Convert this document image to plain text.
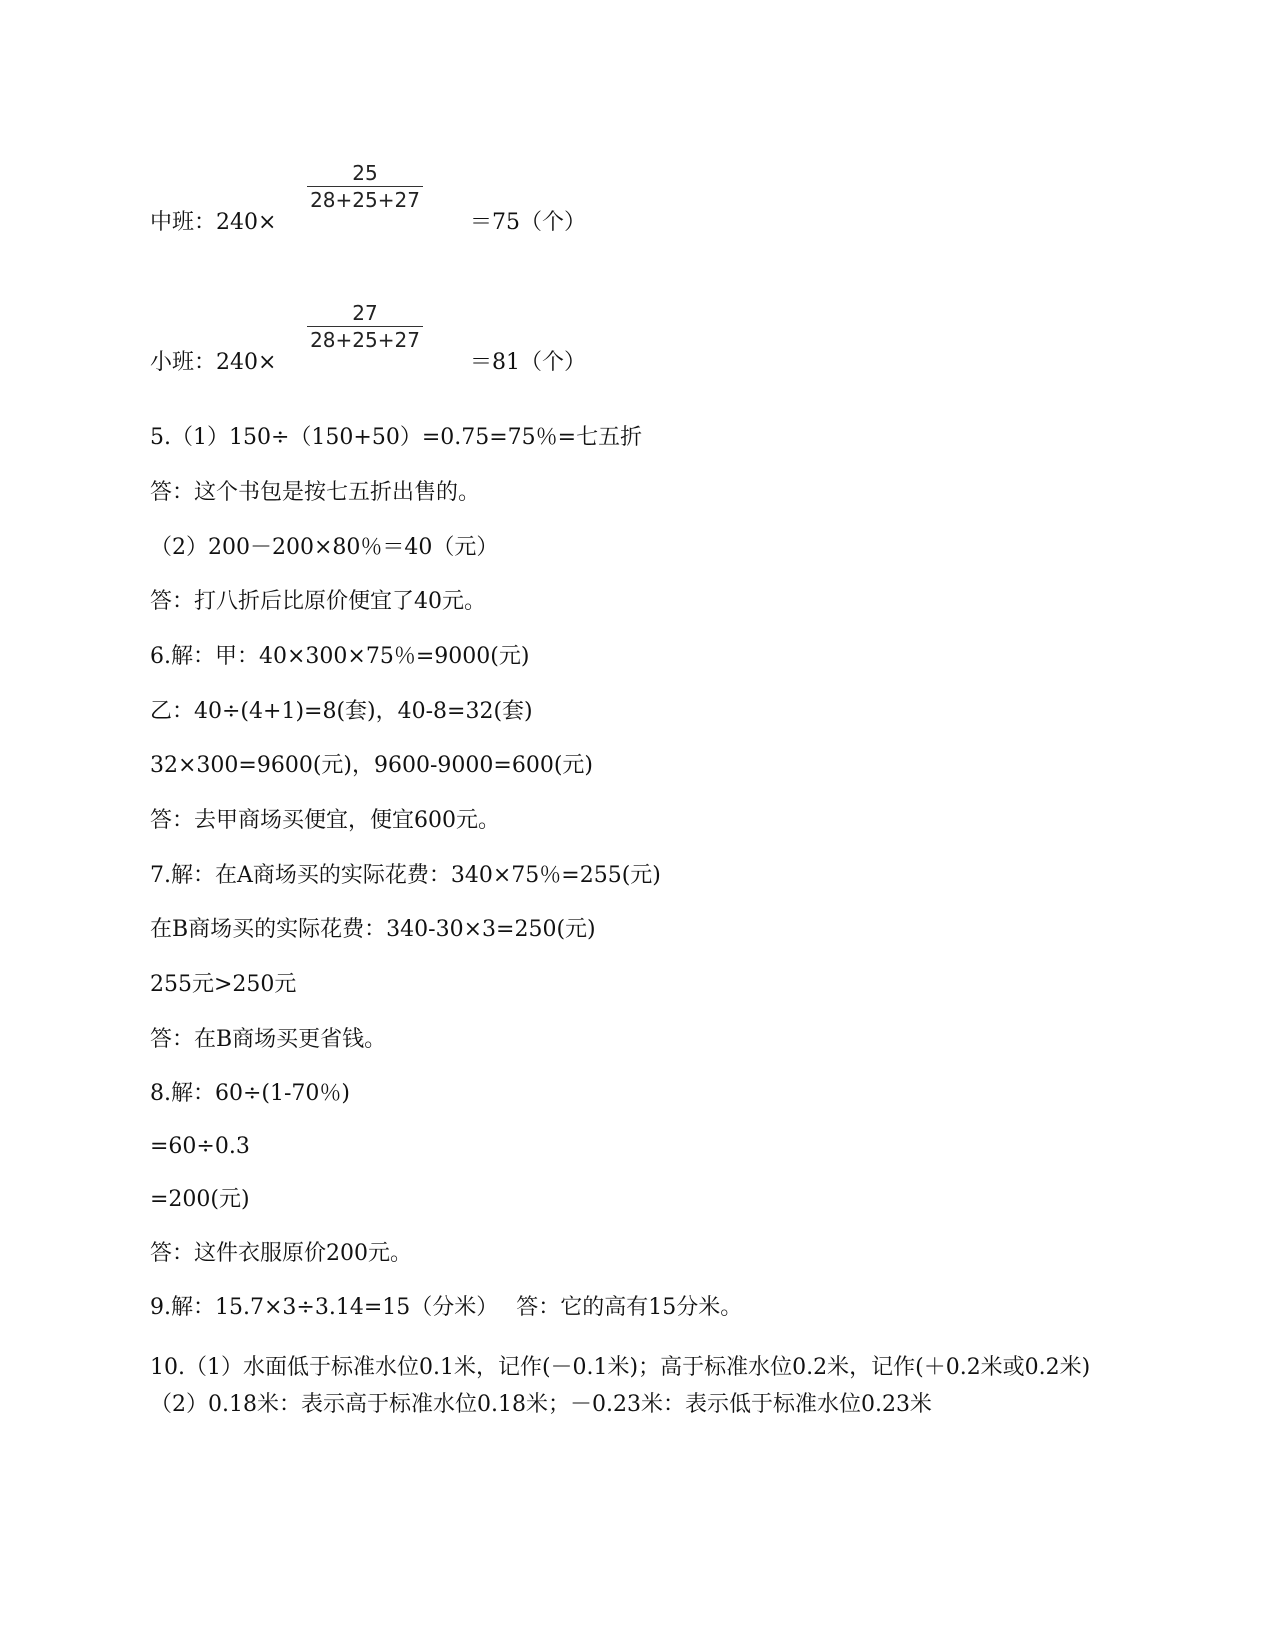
中班：240×
25
28+25+27
＝75（个）
小班：240×
27
28+25+27
＝81（个）
5.（1）150÷（150+50）=0.75=75％=七五折
答：这个书包是按七五折出售的。
（2）200－200×80％＝40（元）
答：打八折后比原价便宜了40元。
6.解：甲：40×300×75％=9000(元)
乙：40÷(4+1)=8(套)，40-8=32(套)
32×300=9600(元)，9600-9000=600(元)
答：去甲商场买便宜，便宜600元。
7.解：在A商场买的实际花费：340×75％=255(元)
在B商场买的实际花费：340-30×3=250(元)
255元>250元
答：在B商场买更省钱。
8.解：60÷(1-70％)
=60÷0.3
=200(元)
答：这件衣服原价200元。
9.解：15.7×3÷3.14=15（分米）　 答：它的高有15分米。
10.（1）水面低于标准水位0.1米，记作(－0.1米)；高于标准水位0.2米，记作(＋0.2米或0.2米)　（2）0.18米：表示高于标准水位0.18米；－0.23米：表示低于标准水位0.23米
